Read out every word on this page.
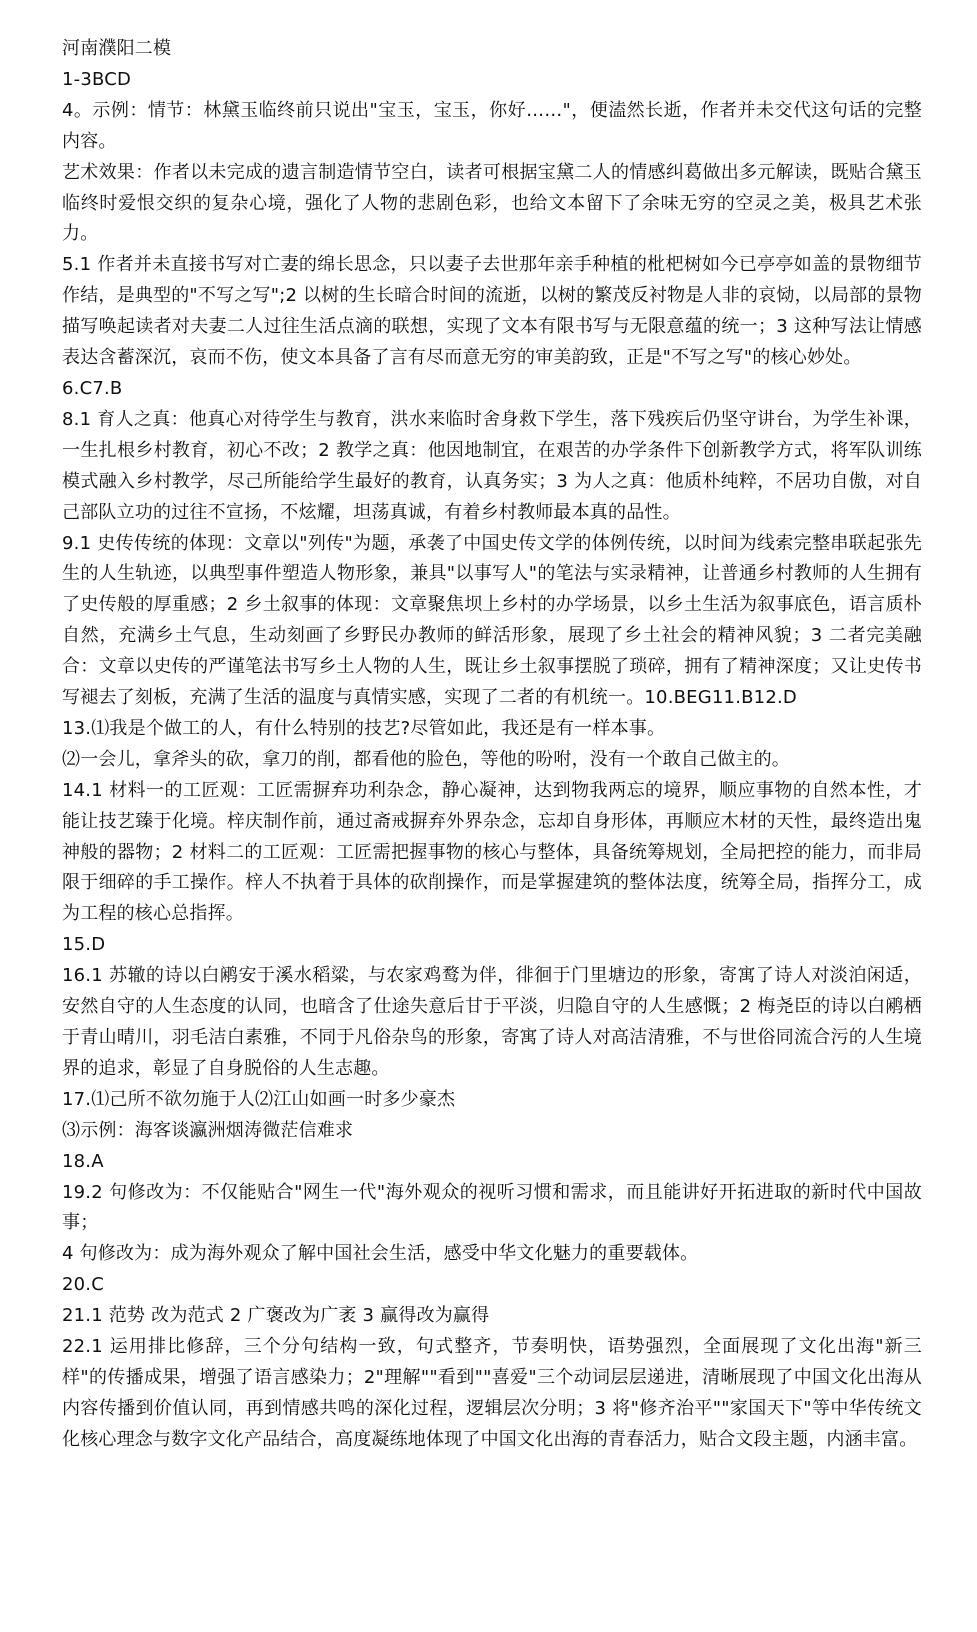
河南濮阳二模

1-3BCD

4。示例：情节：林黛玉临终前只说出"宝玉，宝玉，你好……"，便溘然长逝，作者并未交代这句话的完整内容。

艺术效果：作者以未完成的遗言制造情节空白，读者可根据宝黛二人的情感纠葛做出多元解读，既贴合黛玉临终时爱恨交织的复杂心境，强化了人物的悲剧色彩，也给文本留下了余味无穷的空灵之美，极具艺术张力。

5.1 作者并未直接书写对亡妻的绵长思念，只以妻子去世那年亲手种植的枇杷树如今已亭亭如盖的景物细节作结，是典型的"不写之写";2 以树的生长暗合时间的流逝，以树的繁茂反衬物是人非的哀恸，以局部的景物描写唤起读者对夫妻二人过往生活点滴的联想，实现了文本有限书写与无限意蕴的统一；3 这种写法让情感表达含蓄深沉，哀而不伤，使文本具备了言有尽而意无穷的审美韵致，正是"不写之写"的核心妙处。

6.C7.B

8.1 育人之真：他真心对待学生与教育，洪水来临时舍身救下学生，落下残疾后仍坚守讲台，为学生补课，一生扎根乡村教育，初心不改；2 教学之真：他因地制宜，在艰苦的办学条件下创新教学方式，将军队训练模式融入乡村教学，尽己所能给学生最好的教育，认真务实；3 为人之真：他质朴纯粹，不居功自傲，对自己部队立功的过往不宣扬，不炫耀，坦荡真诚，有着乡村教师最本真的品性。

9.1 史传传统的体现：文章以"列传"为题，承袭了中国史传文学的体例传统，以时间为线索完整串联起张先生的人生轨迹，以典型事件塑造人物形象，兼具"以事写人"的笔法与实录精神，让普通乡村教师的人生拥有了史传般的厚重感；2 乡土叙事的体现：文章聚焦坝上乡村的办学场景，以乡土生活为叙事底色，语言质朴自然，充满乡土气息，生动刻画了乡野民办教师的鲜活形象，展现了乡土社会的精神风貌；3 二者完美融合：文章以史传的严谨笔法书写乡土人物的人生，既让乡土叙事摆脱了琐碎，拥有了精神深度；又让史传书写褪去了刻板，充满了生活的温度与真情实感，实现了二者的有机统一。10.BEG11.B12.D

13.⑴我是个做工的人，有什么特别的技艺?尽管如此，我还是有一样本事。

⑵一会儿，拿斧头的砍，拿刀的削，都看他的脸色，等他的吩咐，没有一个敢自己做主的。

14.1 材料一的工匠观：工匠需摒弃功利杂念，静心凝神，达到物我两忘的境界，顺应事物的自然本性，才能让技艺臻于化境。梓庆制作前，通过斋戒摒弃外界杂念，忘却自身形体，再顺应木材的天性，最终造出鬼神般的器物；2 材料二的工匠观：工匠需把握事物的核心与整体，具备统筹规划，全局把控的能力，而非局限于细碎的手工操作。梓人不执着于具体的砍削操作，而是掌握建筑的整体法度，统筹全局，指挥分工，成为工程的核心总指挥。

15.D

16.1 苏辙的诗以白鹇安于溪水稻粱，与农家鸡鹜为伴，徘徊于门里塘边的形象，寄寓了诗人对淡泊闲适，安然自守的人生态度的认同，也暗含了仕途失意后甘于平淡，归隐自守的人生感慨；2 梅尧臣的诗以白鹇栖于青山晴川，羽毛洁白素雅，不同于凡俗杂鸟的形象，寄寓了诗人对高洁清雅，不与世俗同流合污的人生境界的追求，彰显了自身脱俗的人生志趣。

17.⑴己所不欲勿施于人⑵江山如画一时多少豪杰

⑶示例：海客谈瀛洲烟涛微茫信难求

18.A

19.2 句修改为：不仅能贴合"网生一代"海外观众的视听习惯和需求，而且能讲好开拓进取的新时代中国故事；

4 句修改为：成为海外观众了解中国社会生活，感受中华文化魅力的重要载体。

20.C

21.1 范势 改为范式 2 广褒改为广袤 3 赢得改为赢得

22.1 运用排比修辞，三个分句结构一致，句式整齐，节奏明快，语势强烈，全面展现了文化出海"新三样"的传播成果，增强了语言感染力；2"理解""看到""喜爱"三个动词层层递进，清晰展现了中国文化出海从内容传播到价值认同，再到情感共鸣的深化过程，逻辑层次分明；3 将"修齐治平""家国天下"等中华传统文化核心理念与数字文化产品结合，高度凝练地体现了中国文化出海的青春活力，贴合文段主题，内涵丰富。
